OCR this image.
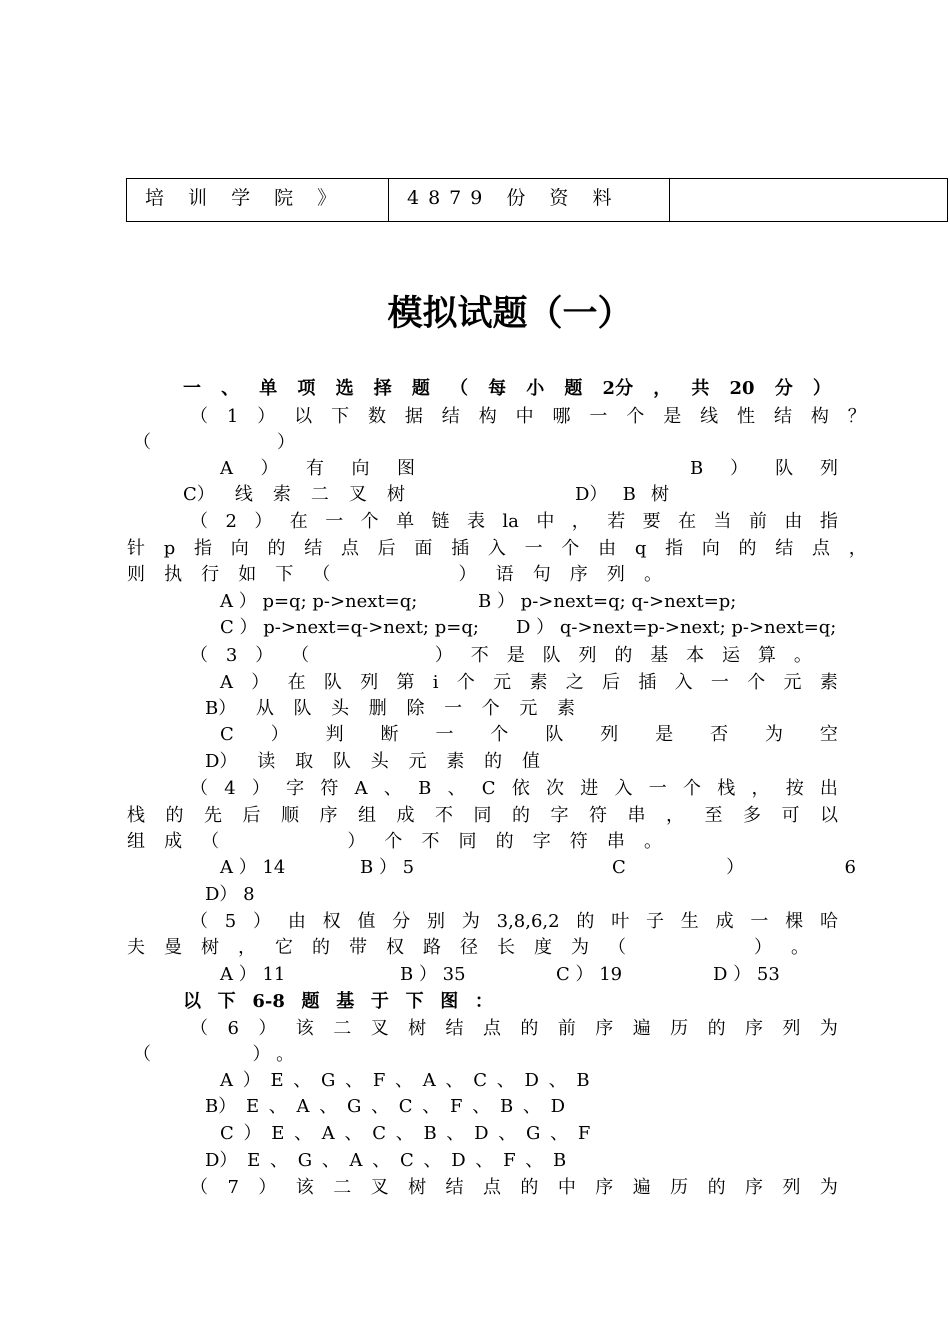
培 训 学 院 》	4879 份 资 料	
模拟试题（一）
一 、 单 项 选 择 题 （ 每 小 题 2分 ， 共 20 分 ）
（ 1 ） 以 下 数 据 结 构 中 哪 一 个 是 线 性 结 构 ？
（　　　　　　　）
A ） 有 向 图	B ） 队 列
C） 线 索 二 叉 树	D） B 树
（ 2 ） 在 一 个 单 链 表 la 中 ， 若 要 在 当 前 由 指
针 p 指 向 的 结 点 后 面 插 入 一 个 由 q 指 向 的 结 点 ，
则 执 行 如 下 （
　　　　　	） 语 句 序 列 。
A ） p=q; p->next=q;	B ） p->next=q; q->next=p;
C ） p->next=q->next; p=q; D ） q->next=p->next; p->next=q;
（ 3 ） （
　　　　　	） 不 是 队 列 的 基 本 运 算 。
A ） 在 队 列 第 i 个 元 素 之 后 插 入 一 个 元 素
B） 从 队 头 删 除 一 个 元 素
C ） 判 断 一 个 队 列 是 否 为 空
D） 读 取 队 头 元 素 的 值
（ 4 ） 字 符 A 、 B 、 C 依 次 进 入 一 个 栈 ， 按 出
栈 的 先 后 顺 序 组 成 不 同 的 字 符 串 ， 至 多 可 以
组 成 （
　　　　　	） 个 不 同 的 字 符 串 。
A ） 14	B ） 5	C	）	6
D） 8
（ 5 ） 由 权 值 分 别 为 3,8,6,2 的 叶 子 生 成 一 棵 哈
夫 曼 树 ， 它 的 带 权 路 径 长 度 为 （
　　　　　	） 。
A ） 11	B ） 35	C ） 19	D ） 53
以 下 6-8 题 基 于 下 图 ：
（ 6 ） 该 二 叉 树 结 点 的 前 序 遍 历 的 序 列 为
（ 　　　　　 ） 。
A ） E 、 G 、 F 、 A 、 C 、 D 、 B
B） E 、 A 、 G 、 C 、 F 、 B 、 D
C ） E 、 A 、 C 、 B 、 D 、 G 、 F
D） E 、 G 、 A 、 C 、 D 、 F 、 B
（ 7 ） 该 二 叉 树 结 点 的 中 序 遍 历 的 序 列 为
